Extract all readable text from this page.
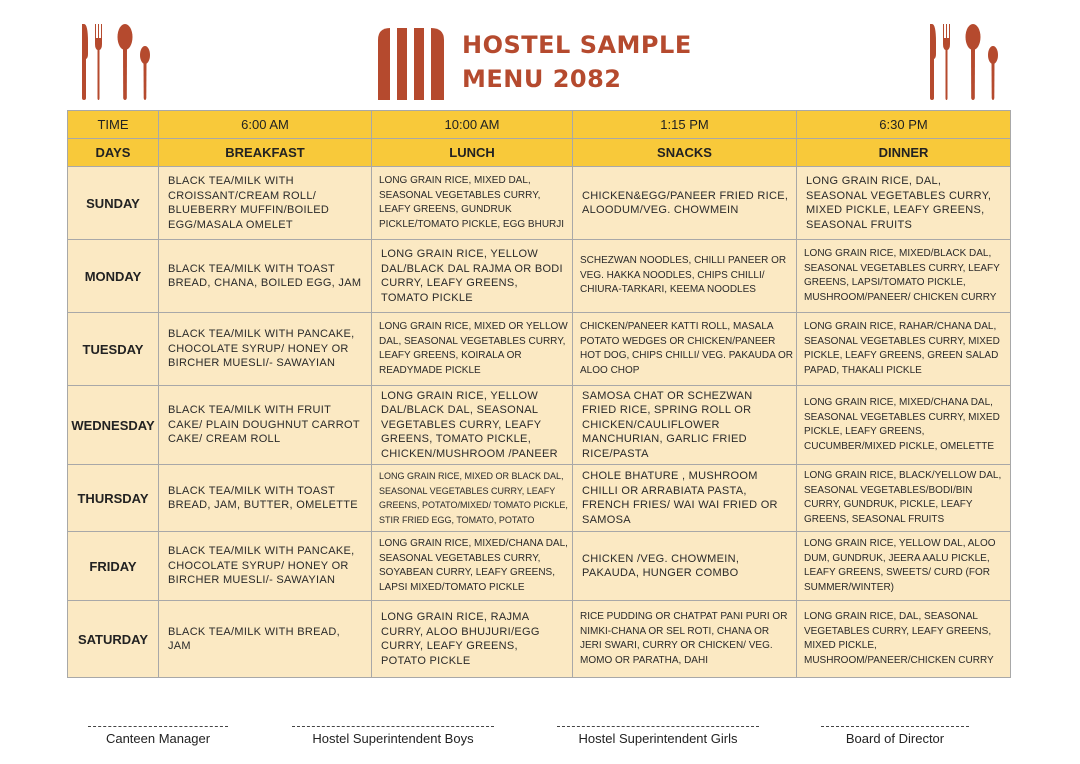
HOSTEL SAMPLE
MENU 2082
TIME	6:00 AM	10:00 AM	1:15 PM	6:30 PM
DAYS	BREAKFAST	LUNCH	SNACKS	DINNER
SUNDAY	BLACK TEA/MILK WITH CROISSANT/CREAM ROLL/ BLUEBERRY MUFFIN/BOILED EGG/MASALA OMELET	LONG GRAIN RICE, MIXED DAL, SEASONAL VEGETABLES CURRY, LEAFY GREENS, GUNDRUK PICKLE/TOMATO PICKLE, EGG BHURJI	CHICKEN&EGG/PANEER FRIED RICE, ALOODUM/VEG. CHOWMEIN	LONG GRAIN RICE, DAL, SEASONAL VEGETABLES CURRY, MIXED PICKLE, LEAFY GREENS, SEASONAL FRUITS
MONDAY	BLACK TEA/MILK WITH TOAST BREAD, CHANA, BOILED EGG, JAM	LONG GRAIN RICE, YELLOW DAL/BLACK DAL RAJMA OR BODI CURRY, LEAFY GREENS, TOMATO PICKLE	SCHEZWAN NOODLES, CHILLI PANEER OR VEG. HAKKA NOODLES, CHIPS CHILLI/ CHIURA-TARKARI, KEEMA NOODLES	LONG GRAIN RICE, MIXED/BLACK DAL, SEASONAL VEGETABLES CURRY, LEAFY GREENS, LAPSI/TOMATO PICKLE, MUSHROOM/PANEER/ CHICKEN CURRY
TUESDAY	BLACK TEA/MILK WITH PANCAKE, CHOCOLATE SYRUP/ HONEY OR BIRCHER MUESLI/- SAWAYIAN	LONG GRAIN RICE, MIXED OR YELLOW DAL, SEASONAL VEGETABLES CURRY, LEAFY GREENS, KOIRALA OR READYMADE PICKLE	CHICKEN/PANEER KATTI ROLL, MASALA POTATO WEDGES OR CHICKEN/PANEER HOT DOG, CHIPS CHILLI/ VEG. PAKAUDA OR ALOO CHOP	LONG GRAIN RICE, RAHAR/CHANA DAL, SEASONAL VEGETABLES CURRY, MIXED PICKLE, LEAFY GREENS, GREEN SALAD PAPAD, THAKALI PICKLE
WEDNESDAY	BLACK TEA/MILK WITH FRUIT CAKE/ PLAIN DOUGHNUT CARROT CAKE/ CREAM ROLL	LONG GRAIN RICE, YELLOW DAL/BLACK DAL, SEASONAL VEGETABLES CURRY, LEAFY GREENS, TOMATO PICKLE, CHICKEN/MUSHROOM /PANEER	SAMOSA CHAT OR SCHEZWAN FRIED RICE, SPRING ROLL OR CHICKEN/CAULIFLOWER MANCHURIAN, GARLIC FRIED RICE/PASTA	LONG GRAIN RICE, MIXED/CHANA DAL, SEASONAL VEGETABLES CURRY, MIXED PICKLE, LEAFY GREENS, CUCUMBER/MIXED PICKLE, OMELETTE
THURSDAY	BLACK TEA/MILK WITH TOAST BREAD, JAM, BUTTER, OMELETTE	LONG GRAIN RICE, MIXED OR BLACK DAL, SEASONAL VEGETABLES CURRY, LEAFY GREENS, POTATO/MIXED/ TOMATO PICKLE, STIR FRIED EGG, TOMATO, POTATO	CHOLE BHATURE , MUSHROOM CHILLI OR ARRABIATA PASTA, FRENCH FRIES/ WAI WAI FRIED OR SAMOSA	LONG GRAIN RICE, BLACK/YELLOW DAL, SEASONAL VEGETABLES/BODI/BIN CURRY, GUNDRUK, PICKLE, LEAFY GREENS, SEASONAL FRUITS
FRIDAY	BLACK TEA/MILK WITH PANCAKE, CHOCOLATE SYRUP/ HONEY OR BIRCHER MUESLI/- SAWAYIAN	LONG GRAIN RICE, MIXED/CHANA DAL, SEASONAL VEGETABLES CURRY, SOYABEAN CURRY, LEAFY GREENS, LAPSI MIXED/TOMATO PICKLE	CHICKEN /VEG. CHOWMEIN, PAKAUDA, HUNGER COMBO	LONG GRAIN RICE, YELLOW DAL, ALOO DUM, GUNDRUK, JEERA AALU PICKLE, LEAFY GREENS, SWEETS/ CURD (FOR SUMMER/WINTER)
SATURDAY	BLACK TEA/MILK WITH BREAD, JAM	LONG GRAIN RICE, RAJMA CURRY, ALOO BHUJURI/EGG CURRY, LEAFY GREENS, POTATO PICKLE	RICE PUDDING OR CHATPAT PANI PURI OR NIMKI-CHANA OR SEL ROTI, CHANA OR JERI SWARI, CURRY OR CHICKEN/ VEG. MOMO OR PARATHA, DAHI	LONG GRAIN RICE, DAL, SEASONAL VEGETABLES CURRY, LEAFY GREENS, MIXED PICKLE, MUSHROOM/PANEER/CHICKEN CURRY
Canteen Manager	Hostel Superintendent Boys	Hostel Superintendent Girls	Board of Director
